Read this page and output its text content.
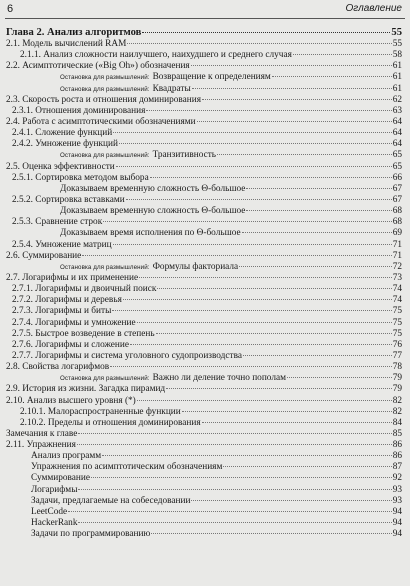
6	Оглавление
Глава 2. Анализ алгоритмов	55
2.1. Модель вычислений RAM	55
2.1.1. Анализ сложности наилучшего, наихудшего и среднего случая	58
2.2. Асимптотические («Big Oh») обозначения	61
Остановка для размышлений: Возвращение к определениям	61
Остановка для размышлений: Квадраты	61
2.3. Скорость роста и отношения доминирования	62
2.3.1. Отношения доминирования	63
2.4. Работа с асимптотическими обозначениями	64
2.4.1. Сложение функций	64
2.4.2. Умножение функций	64
Остановка для размышлений: Транзитивность	65
2.5. Оценка эффективности	65
2.5.1. Сортировка методом выбора	66
Доказываем временную сложность Θ-большое	67
2.5.2. Сортировка вставками	67
Доказываем временную сложность Θ-большое	68
2.5.3. Сравнение строк	68
Доказываем время исполнения по Θ-большое	69
2.5.4. Умножение матриц	71
2.6. Суммирование	71
Остановка для размышлений: Формулы факториала	72
2.7. Логарифмы и их применение	73
2.7.1. Логарифмы и двоичный поиск	74
2.7.2. Логарифмы и деревья	74
2.7.3. Логарифмы и биты	75
2.7.4. Логарифмы и умножение	75
2.7.5. Быстрое возведение в степень	75
2.7.6. Логарифмы и сложение	76
2.7.7. Логарифмы и система уголовного судопроизводства	77
2.8. Свойства логарифмов	78
Остановка для размышлений: Важно ли деление точно пополам	79
2.9. История из жизни. Загадка пирамид	79
2.10. Анализ высшего уровня (*)	82
2.10.1. Малораспространенные функции	82
2.10.2. Пределы и отношения доминирования	84
Замечания к главе	85
2.11. Упражнения	86
Анализ программ	86
Упражнения по асимптотическим обозначениям	87
Суммирование	92
Логарифмы	93
Задачи, предлагаемые на собеседовании	93
LeetCode	94
HackerRank	94
Задачи по программированию	94
